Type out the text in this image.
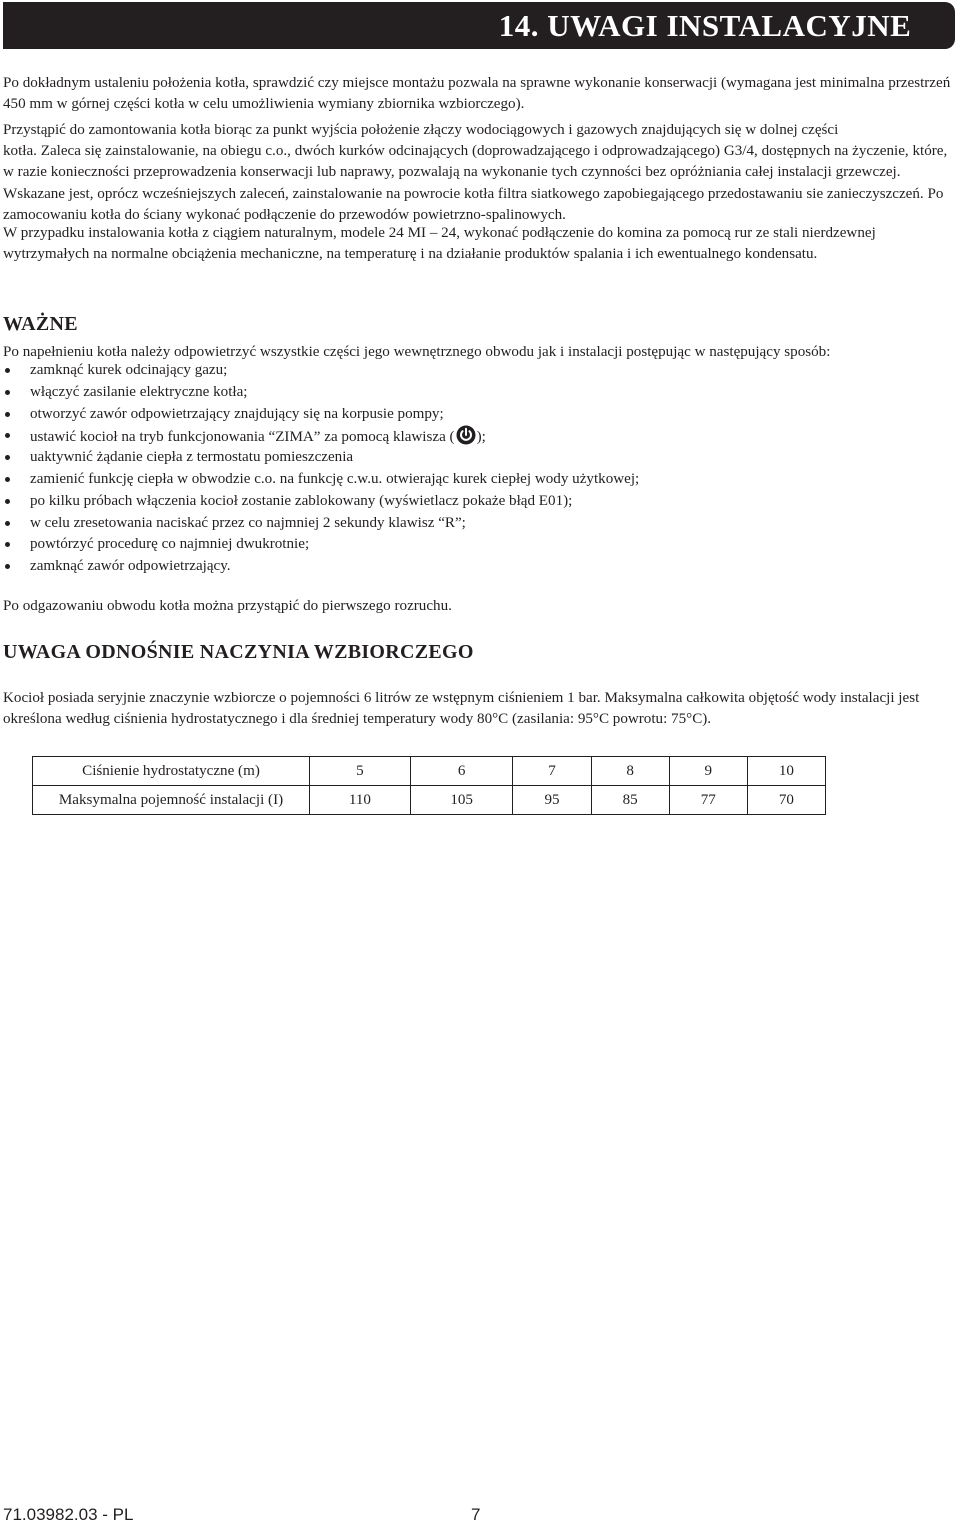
14. UWAGI INSTALACYJNE

Po dokładnym ustaleniu położenia kotła, sprawdzić czy miejsce montażu pozwala na sprawne wykonanie konserwacji (wymagana jest minimalna przestrzeń 450 mm w górnej części kotła w celu umożliwienia wymiany zbiornika wzbiorczego).

Przystąpić do zamontowania kotła biorąc za punkt wyjścia położenie złączy wodociągowych i gazowych znajdujących się w dolnej części

kotła. Zaleca się zainstalowanie, na obiegu c.o., dwóch kurków odcinających (doprowadzającego i odprowadzającego) G3/4, dostępnych na życzenie, które, w razie konieczności przeprowadzenia konserwacji lub naprawy, pozwalają na wykonanie tych czynności bez opróżniania całej instalacji grzewczej. Wskazane jest, oprócz wcześniejszych zaleceń, zainstalowanie na powrocie kotła filtra siatkowego zapobiegającego przedostawaniu sie zanieczyszczeń. Po zamocowaniu kotła do ściany wykonać podłączenie do przewodów powietrzno-spalinowych.

W przypadku instalowania kotła z ciągiem naturalnym, modele 24 MI – 24, wykonać podłączenie do komina za pomocą rur ze stali nierdzewnej wytrzymałych na normalne obciążenia mechaniczne, na temperaturę i na działanie produktów spalania i ich ewentualnego kondensatu.

WAŻNE

Po napełnieniu kotła należy odpowietrzyć wszystkie części jego wewnętrznego obwodu jak i instalacji postępując w następujący sposób:

zamknąć kurek odcinający gazu;
włączyć zasilanie elektryczne kotła;
otworzyć zawór odpowietrzający znajdujący się na korpusie pompy;
ustawić kocioł na tryb funkcjonowania “ZIMA” za pomocą klawisza ( );
uaktywnić żądanie ciepła z termostatu pomieszczenia
zamienić funkcję ciepła w obwodzie c.o. na funkcję c.w.u. otwierając kurek ciepłej wody użytkowej;
po kilku próbach włączenia kocioł zostanie zablokowany (wyświetlacz pokaże błąd E01);
w celu zresetowania naciskać przez co najmniej 2 sekundy klawisz “R”;
powtórzyć procedurę co najmniej dwukrotnie;
zamknąć zawór odpowietrzający.

Po odgazowaniu obwodu kotła można przystąpić do pierwszego rozruchu.

UWAGA ODNOŚNIE NACZYNIA WZBIORCZEGO

Kocioł posiada seryjnie znaczynie wzbiorcze o pojemności 6 litrów ze wstępnym ciśnieniem 1 bar. Maksymalna całkowita objętość wody instalacji jest określona według ciśnienia hydrostatycznego i dla średniej temperatury wody 80°C (zasilania: 95°C powrotu: 75°C).

Ciśnienie hydrostatyczne (m)	5	6	7	8	9	10
Maksymalna pojemność instalacji (I)	110	105	95	85	77	70
71.03982.03 - PL	7
